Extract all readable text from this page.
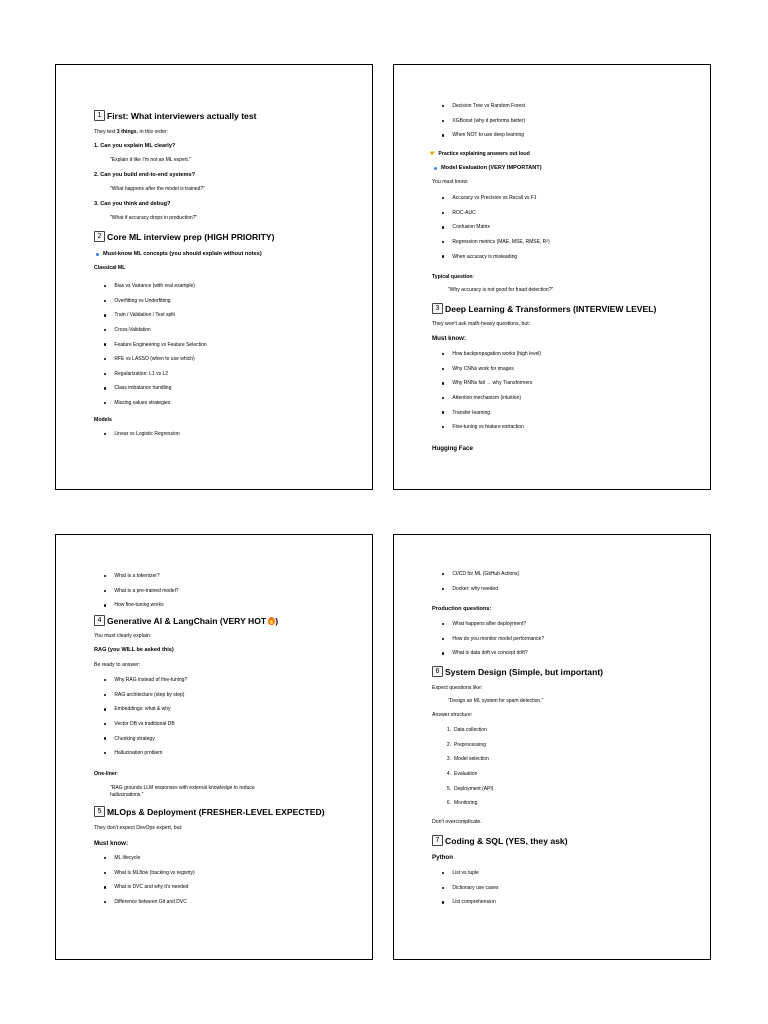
1 First: What interviewers actually test
They test 3 things, in this order:
1. Can you explain ML clearly?
"Explain it like I’m not an ML expert."
2. Can you build end-to-end systems?
"What happens after the model is trained?"
3. Can you think and debug?
"What if accuracy drops in production?"
2 Core ML interview prep (HIGH PRIORITY)
Must-know ML concepts (you should explain without notes)
Classical ML
Bias vs Variance (with real example)
Overfitting vs Underfitting
Train / Validation / Test split
Cross-Validation
Feature Engineering vs Feature Selection
RFE vs LASSO (when to use which)
Regularization: L1 vs L2
Class imbalance handling
Missing values strategies
Models
Linear vs Logistic Regression
Decision Tree vs Random Forest
XGBoost (why it performs better)
When NOT to use deep learning
☛ Practice explaining answers out loud
Model Evaluation (VERY IMPORTANT)
You must know:
Accuracy vs Precision vs Recall vs F1
ROC-AUC
Confusion Matrix
Regression metrics (MAE, MSE, RMSE, R²)
When accuracy is misleading
Typical question:
"Why accuracy is not good for fraud detection?"
3 Deep Learning & Transformers (INTERVIEW LEVEL)
They won't ask math-heavy questions, but:
Must know:
How backpropagation works (high level)
Why CNNs work for images
Why RNNs fail → why Transformers
Attention mechanism (intuition)
Transfer learning
Fine-tuning vs feature extraction
Hugging Face
What is a tokenizer?
What is a pre-trained model?
How fine-tuning works
4 Generative AI & LangChain (VERY HOT )
You must clearly explain:
RAG (you WILL be asked this)
Be ready to answer:
Why RAG instead of fine-tuning?
RAG architecture (step by step)
Embeddings: what & why
Vector DB vs traditional DB
Chunking strategy
Hallucination problem
One-liner:
"RAG grounds LLM responses with external knowledge to reduce
hallucinations."
5 MLOps & Deployment (FRESHER-LEVEL EXPECTED)
They don't expect DevOps expert, but:
Must know:
ML lifecycle
What is MLflow (tracking vs registry)
What is DVC and why it's needed
Difference between Git and DVC
CI/CD for ML (GitHub Actions)
Docker: why needed
Production questions:
What happens after deployment?
How do you monitor model performance?
What is data drift vs concept drift?
6 System Design (Simple, but important)
Expect questions like:
"Design an ML system for spam detection."
Answer structure:
1. Data collection
2. Preprocessing
3. Model selection
4. Evaluation
5. Deployment (API)
6. Monitoring
Don't overcomplicate.
7 Coding & SQL (YES, they ask)
Python
List vs tuple
Dictionary use cases
List comprehension
